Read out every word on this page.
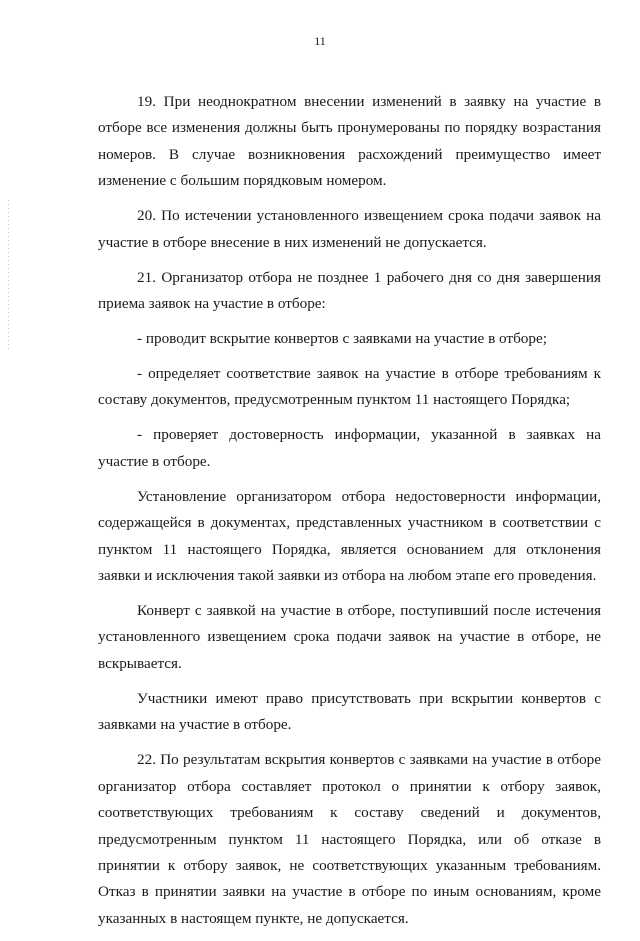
11

19. При неоднократном внесении изменений в заявку на участие в отборе все изменения должны быть пронумерованы по порядку возрастания номеров. В случае возникновения расхождений преимущество имеет изменение с большим порядковым номером.

20. По истечении установленного извещением срока подачи заявок на участие в отборе внесение в них изменений не допускается.

21. Организатор отбора не позднее 1 рабочего дня со дня завершения приема заявок на участие в отборе:

- проводит вскрытие конвертов с заявками на участие в отборе;

- определяет соответствие заявок на участие в отборе требованиям к составу документов, предусмотренным пунктом 11 настоящего Порядка;

- проверяет достоверность информации, указанной в заявках на участие в отборе.

Установление организатором отбора недостоверности информации, содержащейся в документах, представленных участником в соответствии с пунктом 11 настоящего Порядка, является основанием для отклонения заявки и исключения такой заявки из отбора на любом этапе его проведения.

Конверт с заявкой на участие в отборе, поступивший после истечения установленного извещением срока подачи заявок на участие в отборе, не вскрывается.

Участники имеют право присутствовать при вскрытии конвертов с заявками на участие в отборе.

22. По результатам вскрытия конвертов с заявками на участие в отборе организатор отбора составляет протокол о принятии к отбору заявок, соответствующих требованиям к составу сведений и документов, предусмотренным пунктом 11 настоящего Порядка, или об отказе в принятии к отбору заявок, не соответствующих указанным требованиям. Отказ в принятии заявки на участие в отборе по иным основаниям, кроме указанных в настоящем пункте, не допускается.
